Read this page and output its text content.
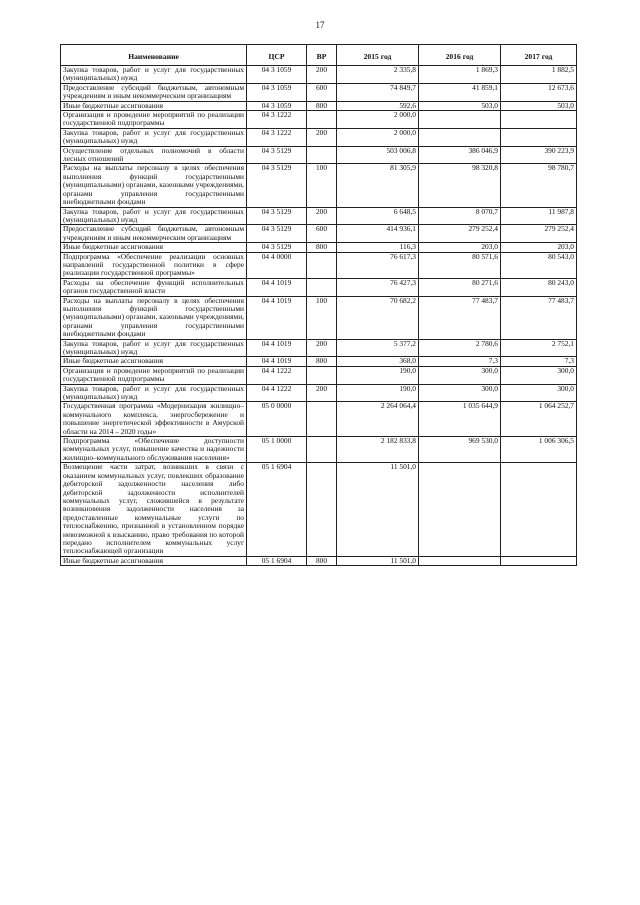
17
Наименование	ЦСР	ВР	2015 год	2016 год	2017 год
Закупка товаров, работ и услуг для государственных (муниципальных) нужд	04 3 1059	200	2 335,8	1 869,3	1 882,5
Предоставление субсидий бюджетным, автономным учреждениям и иным некоммерческим организациям	04 3 1059	600	74 849,7	41 859,1	12 673,6
Иные бюджетные ассигнования	04 3 1059	800	592,6	503,0	503,0
Организация и проведение мероприятий по реализации государственной подпрограммы	04 3 1222		2 000,0		
Закупка товаров, работ и услуг для государственных (муниципальных) нужд	04 3 1222	200	2 000,0		
Осуществление отдельных полномочий в области лесных отношений	04 3 5129		503 006,8	386 046,9	390 223,9
Расходы на выплаты персоналу в целях обеспечения выполнения функций государственными (муниципальными) органами, казенными учреждениями, органами управления государственными внебюджетными фондами	04 3 5129	100	81 305,9	98 320,8	98 780,7
Закупка товаров, работ и услуг для государственных (муниципальных) нужд	04 3 5129	200	6 648,5	8 070,7	11 987,8
Предоставление субсидий бюджетным, автономным учреждениям и иным некоммерческим организациям	04 3 5129	600	414 936,1	279 252,4	279 252,4
Иные бюджетные ассигнования	04 3 5129	800	116,3	203,0	203,0
Подпрограмма «Обеспечение реализации основных направлений государственной политики в сфере реализации государственной программы»	04 4 0000		76 617,3	80 571,6	80 543,0
Расходы на обеспечение функций исполнительных органов государственной власти	04 4 1019		76 427,3	80 271,6	80 243,0
Расходы на выплаты персоналу в целях обеспечения выполнения функций государственными (муниципальными) органами, казенными учреждениями, органами управления государственными внебюджетными фондами	04 4 1019	100	70 682,2	77 483,7	77 483,7
Закупка товаров, работ и услуг для государственных (муниципальных) нужд	04 4 1019	200	5 377,2	2 780,6	2 752,1
Иные бюджетные ассигнования	04 4 1019	800	368,0	7,3	7,3
Организация и проведение мероприятий по реализации государственной подпрограммы	04 4 1222		190,0	300,0	300,0
Закупка товаров, работ и услуг для государственных (муниципальных) нужд	04 4 1222	200	190,0	300,0	300,0
Государственная программа «Модернизация жилищно–коммунального комплекса, энергосбережение и повышение энергетической эффективности в Амурской области на 2014 – 2020 годы»	05 0 0000		2 264 064,4	1 035 644,9	1 064 252,7
Подпрограмма «Обеспечение доступности коммунальных услуг, повышение качества и надежности жилищно–коммунального обслуживания населения»	05 1 0000		2 182 833,8	969 530,0	1 006 306,5
Возмещение части затрат, возникших в связи с оказанием коммунальных услуг, повлекших образование дебиторской задолженности населения либо дебиторской задолженности исполнителей коммунальных услуг, сложившейся в результате возникновения задолженности населения за предоставленные коммунальные услуги по теплоснабжению, признанной в установленном порядке невозможной к взысканию, право требования по которой передано исполнителем коммунальных услуг теплоснабжающей организации	05 1 6904		11 501,0		
Иные бюджетные ассигнования	05 1 6904	800	11 501,0		
